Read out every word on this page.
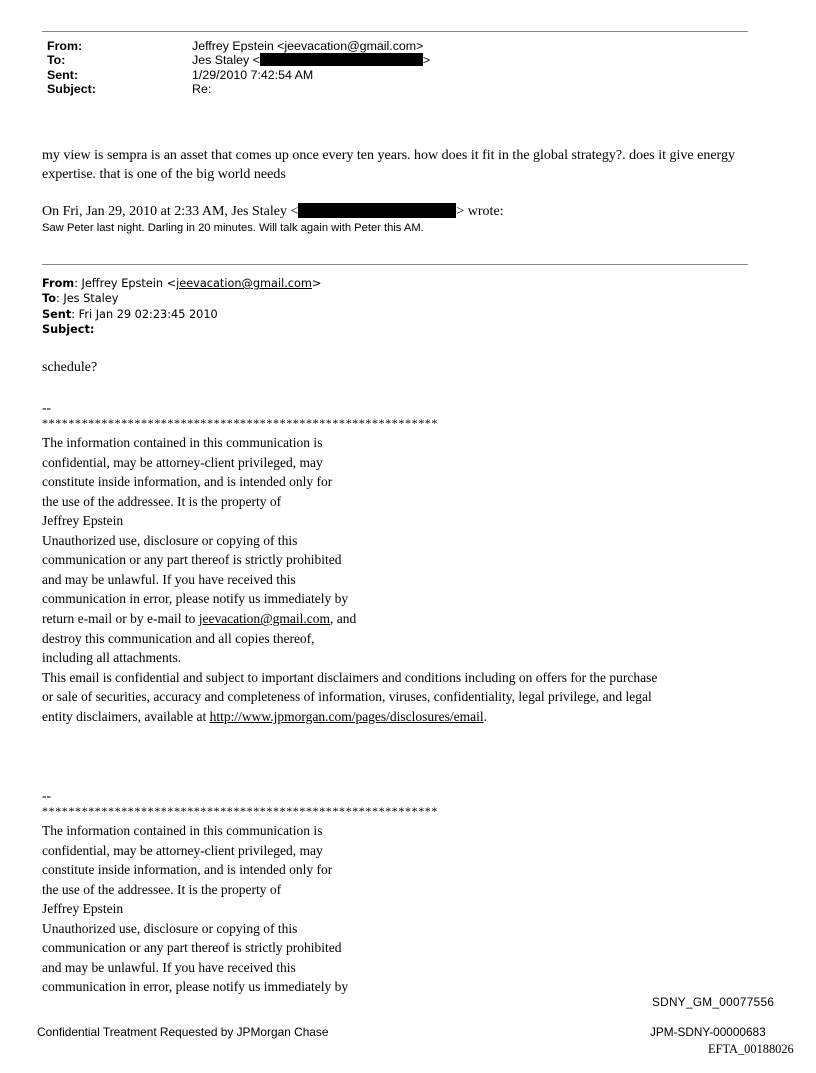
From:	Jeffrey Epstein <jeevacation@gmail.com>
To:	Jes Staley <	>
Sent:	1/29/2010 7:42:54 AM
Subject:	Re:
my view is sempra is an asset that comes up once every ten years. how does it fit in the global strategy?. does it give energy expertise. that is one of the big world needs
On Fri, Jan 29, 2010 at 2:33 AM, Jes Staley <	> wrote:
Saw Peter last night. Darling in 20 minutes. Will talk again with Peter this AM.
From: Jeffrey Epstein <jeevacation@gmail.com>
To: Jes Staley
Sent: Fri Jan 29 02:23:45 2010
Subject:
schedule?
--
************************************************************
The information contained in this communication is
confidential, may be attorney-client privileged, may
constitute inside information, and is intended only for
the use of the addressee. It is the property of
Jeffrey Epstein
Unauthorized use, disclosure or copying of this
communication or any part thereof is strictly prohibited
and may be unlawful. If you have received this
communication in error, please notify us immediately by
return e-mail or by e-mail to jeevacation@gmail.com, and
destroy this communication and all copies thereof,
including all attachments.
This email is confidential and subject to important disclaimers and conditions including on offers for the purchase
or sale of securities, accuracy and completeness of information, viruses, confidentiality, legal privilege, and legal
entity disclaimers, available at http://www.jpmorgan.com/pages/disclosures/email.
--
************************************************************
The information contained in this communication is
confidential, may be attorney-client privileged, may
constitute inside information, and is intended only for
the use of the addressee. It is the property of
Jeffrey Epstein
Unauthorized use, disclosure or copying of this
communication or any part thereof is strictly prohibited
and may be unlawful. If you have received this
communication in error, please notify us immediately by
SDNY_GM_00077556
Confidential Treatment Requested by JPMorgan Chase	JPM-SDNY-00000683
EFTA_00188026
